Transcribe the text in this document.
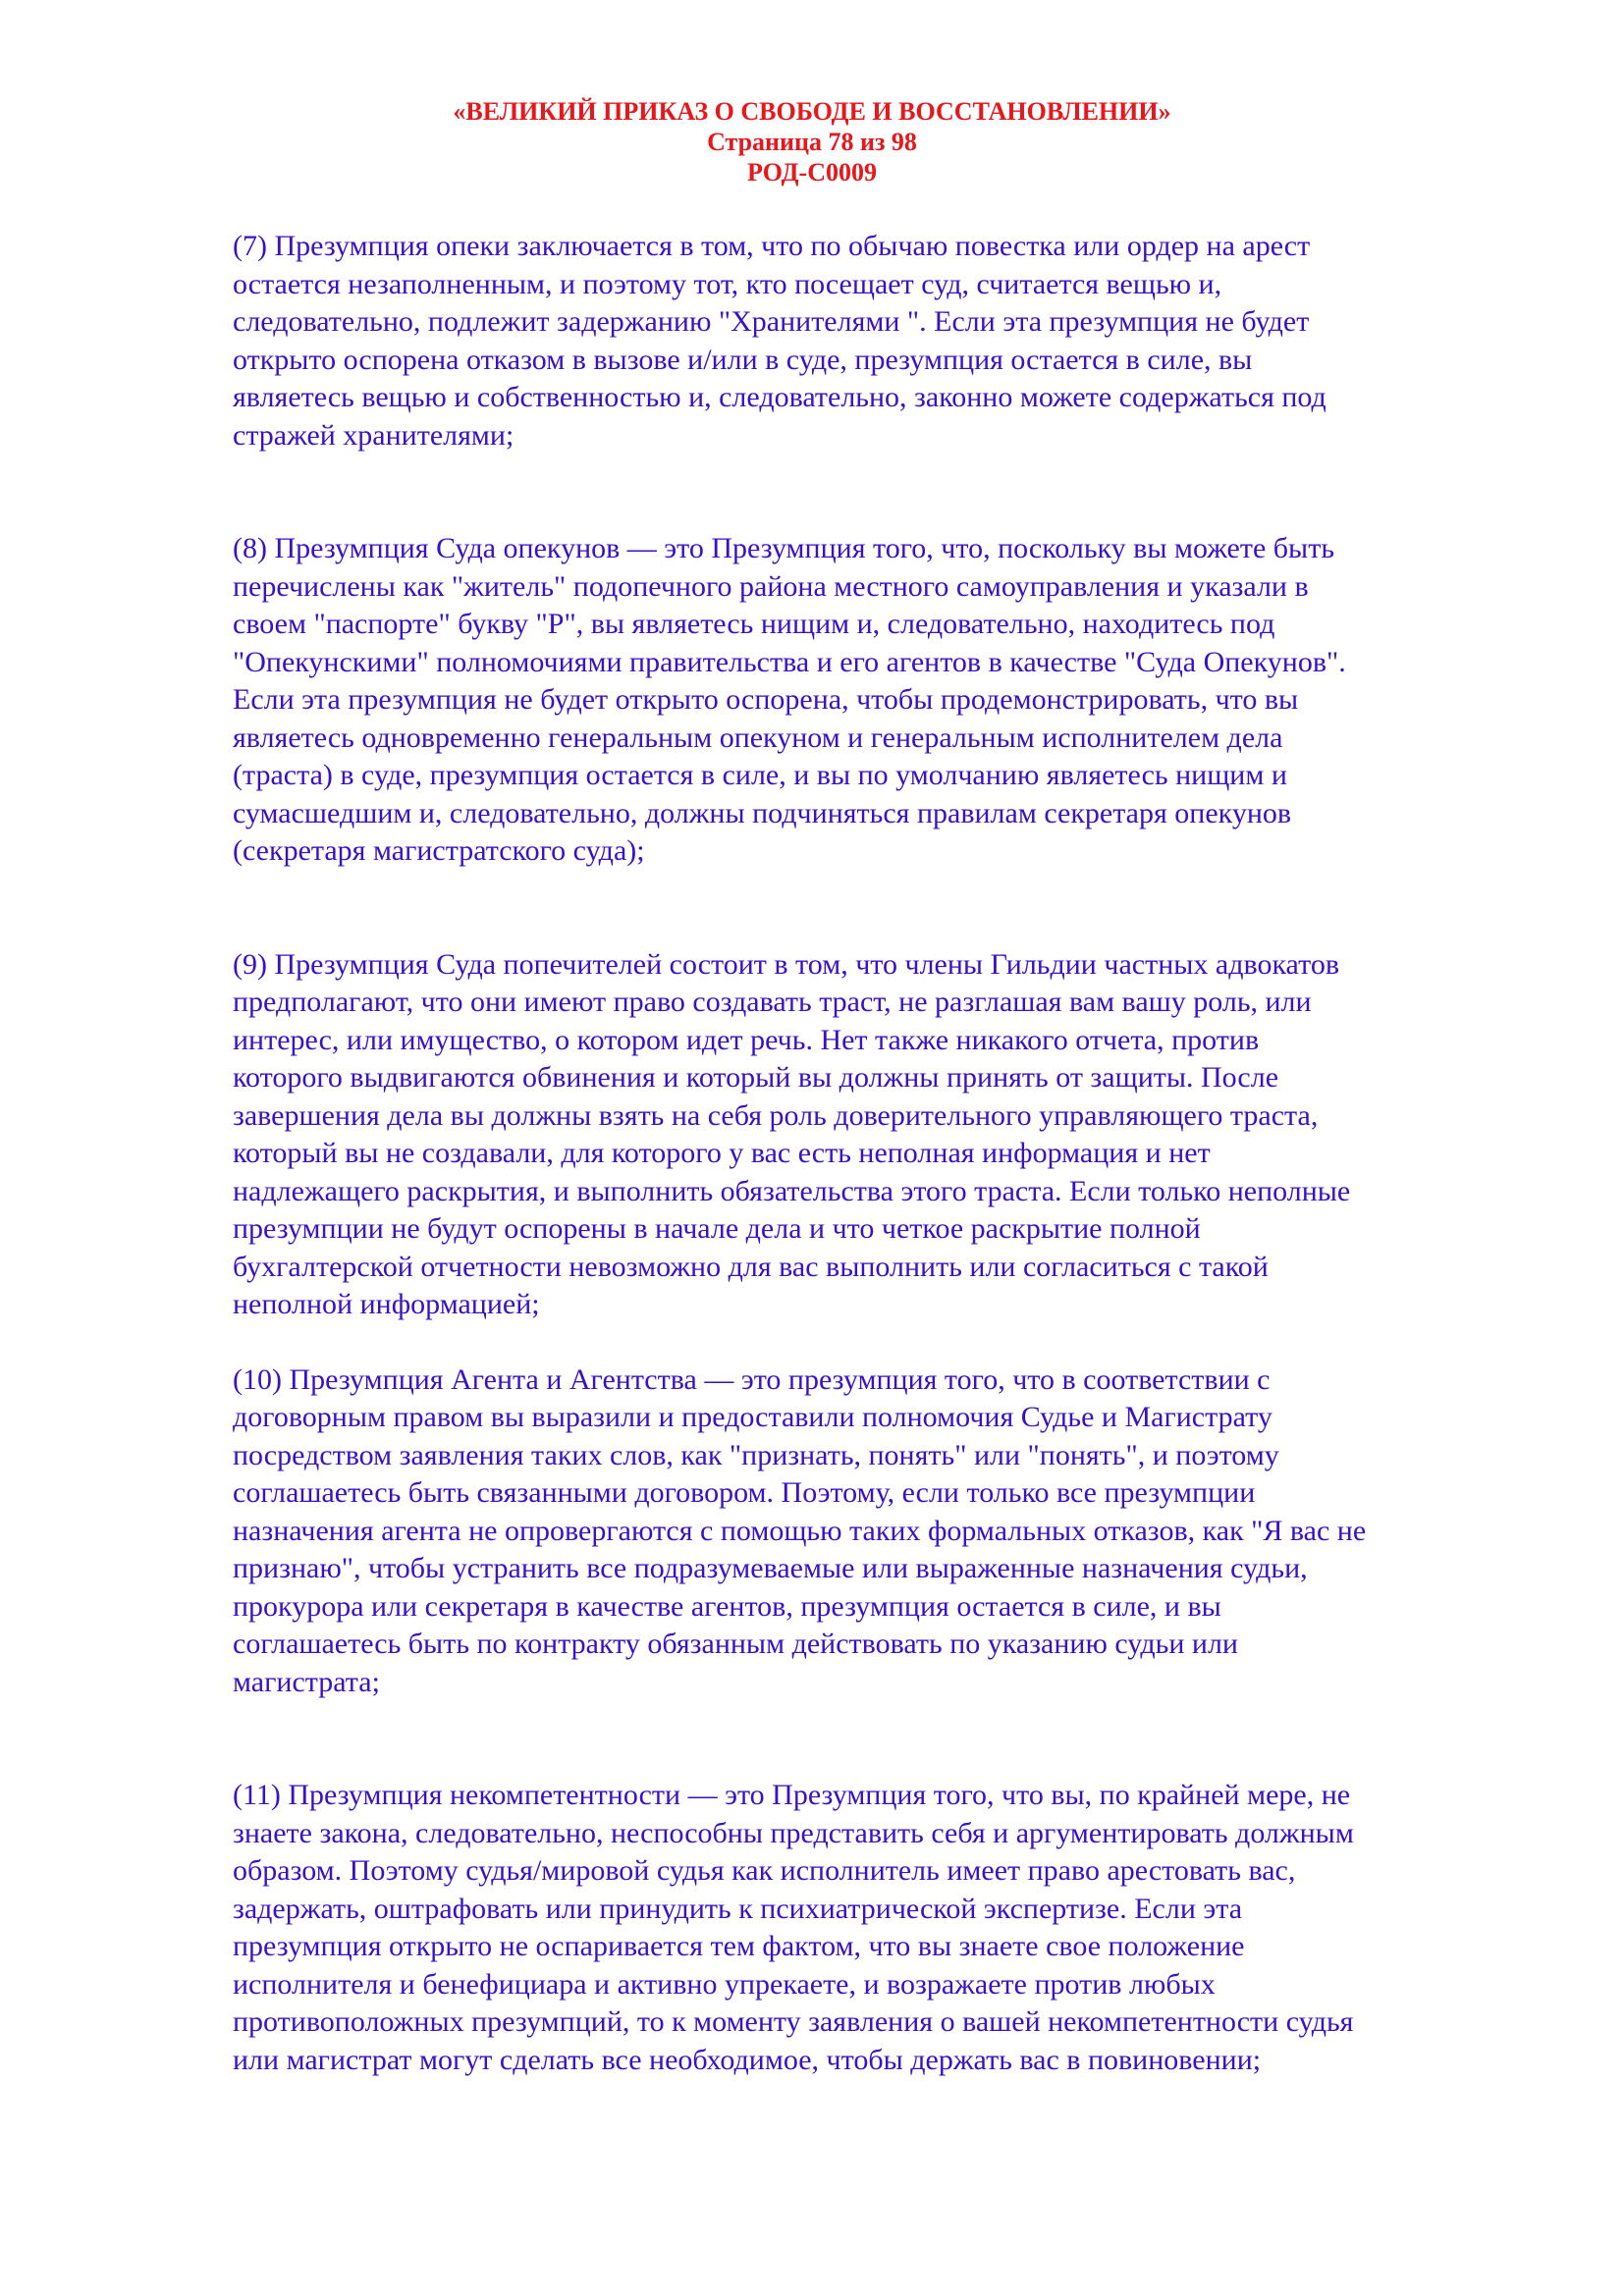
«ВЕЛИКИЙ ПРИКАЗ О СВОБОДЕ И ВОССТАНОВЛЕНИИ»
Страница 78 из 98
РОД-С0009

(7) Презумпция опеки заключается в том, что по обычаю повестка или ордер на арест
остается незаполненным, и поэтому тот, кто посещает суд, считается вещью и,
следовательно, подлежит задержанию "Хранителями ". Если эта презумпция не будет
открыто оспорена отказом в вызове и/или в суде, презумпция остается в силе, вы
являетесь вещью и собственностью и, следовательно, законно можете содержаться под
стражей хранителями;

(8) Презумпция Суда опекунов — это Презумпция того, что, поскольку вы можете быть
перечислены как "житель" подопечного района местного самоуправления и указали в
своем "паспорте" букву "Р", вы являетесь нищим и, следовательно, находитесь под
"Опекунскими" полномочиями правительства и его агентов в качестве "Суда Опекунов".
Если эта презумпция не будет открыто оспорена, чтобы продемонстрировать, что вы
являетесь одновременно генеральным опекуном и генеральным исполнителем дела
(траста) в суде, презумпция остается в силе, и вы по умолчанию являетесь нищим и
сумасшедшим и, следовательно, должны подчиняться правилам секретаря опекунов
(секретаря магистратского суда);

(9) Презумпция Суда попечителей состоит в том, что члены Гильдии частных адвокатов
предполагают, что они имеют право создавать траст, не разглашая вам вашу роль, или
интерес, или имущество, о котором идет речь. Нет также никакого отчета, против
которого выдвигаются обвинения и который вы должны принять от защиты. После
завершения дела вы должны взять на себя роль доверительного управляющего траста,
который вы не создавали, для которого у вас есть неполная информация и нет
надлежащего раскрытия, и выполнить обязательства этого траста. Если только неполные
презумпции не будут оспорены в начале дела и что четкое раскрытие полной
бухгалтерской отчетности невозможно для вас выполнить или согласиться с такой
неполной информацией;

(10) Презумпция Агента и Агентства — это презумпция того, что в соответствии с
договорным правом вы выразили и предоставили полномочия Судье и Магистрату
посредством заявления таких слов, как "признать, понять" или "понять", и поэтому
соглашаетесь быть связанными договором. Поэтому, если только все презумпции
назначения агента не опровергаются с помощью таких формальных отказов, как "Я вас не
признаю", чтобы устранить все подразумеваемые или выраженные назначения судьи,
прокурора или секретаря в качестве агентов, презумпция остается в силе, и вы
соглашаетесь быть по контракту обязанным действовать по указанию судьи или
магистрата;

(11) Презумпция некомпетентности — это Презумпция того, что вы, по крайней мере, не
знаете закона, следовательно, неспособны представить себя и аргументировать должным
образом. Поэтому судья/мировой судья как исполнитель имеет право арестовать вас,
задержать, оштрафовать или принудить к психиатрической экспертизе. Если эта
презумпция открыто не оспаривается тем фактом, что вы знаете свое положение
исполнителя и бенефициара и активно упрекаете, и возражаете против любых
противоположных презумпций, то к моменту заявления о вашей некомпетентности судья
или магистрат могут сделать все необходимое, чтобы держать вас в повиновении;
